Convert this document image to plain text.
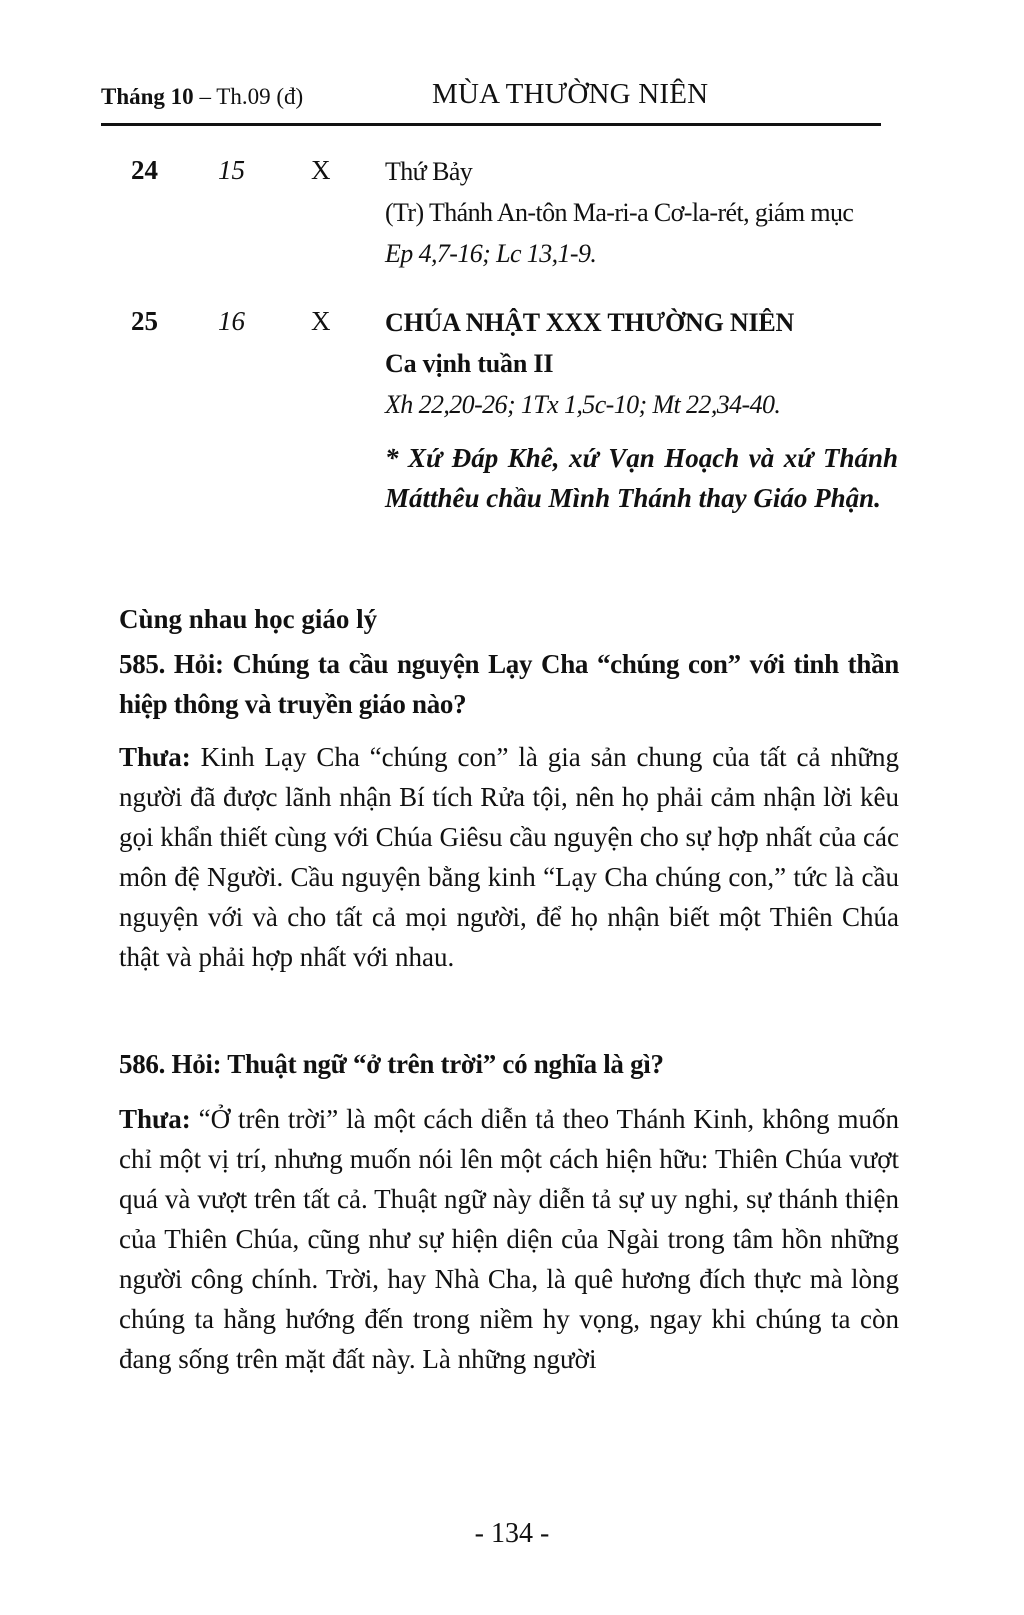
Tháng 10 – Th.09 (đ)	MÙA THƯỜNG NIÊN
24 15 X Thứ Bảy
(Tr) Thánh An-tôn Ma-ri-a Cơ-la-rét, giám mục
Ep 4,7-16; Lc 13,1-9.
25 16 X CHÚA NHẬT XXX THƯỜNG NIÊN
Ca vịnh tuần II
Xh 22,20-26; 1Tx 1,5c-10; Mt 22,34-40.
* Xứ Đáp Khê, xứ Vạn Hoạch và xứ Thánh Mátthêu chầu Mình Thánh thay Giáo Phận.
Cùng nhau học giáo lý
585. Hỏi: Chúng ta cầu nguyện Lạy Cha “chúng con” với tinh thần hiệp thông và truyền giáo nào?
Thưa: Kinh Lạy Cha “chúng con” là gia sản chung của tất cả những người đã được lãnh nhận Bí tích Rửa tội, nên họ phải cảm nhận lời kêu gọi khẩn thiết cùng với Chúa Giêsu cầu nguyện cho sự hợp nhất của các môn đệ Người. Cầu nguyện bằng kinh “Lạy Cha chúng con,” tức là cầu nguyện với và cho tất cả mọi người, để họ nhận biết một Thiên Chúa thật và phải hợp nhất với nhau.
586. Hỏi: Thuật ngữ “ở trên trời” có nghĩa là gì?
Thưa: “Ở trên trời” là một cách diễn tả theo Thánh Kinh, không muốn chỉ một vị trí, nhưng muốn nói lên một cách hiện hữu: Thiên Chúa vượt quá và vượt trên tất cả. Thuật ngữ này diễn tả sự uy nghi, sự thánh thiện của Thiên Chúa, cũng như sự hiện diện của Ngài trong tâm hồn những người công chính. Trời, hay Nhà Cha, là quê hương đích thực mà lòng chúng ta hằng hướng đến trong niềm hy vọng, ngay khi chúng ta còn đang sống trên mặt đất này. Là những người
- 134 -
